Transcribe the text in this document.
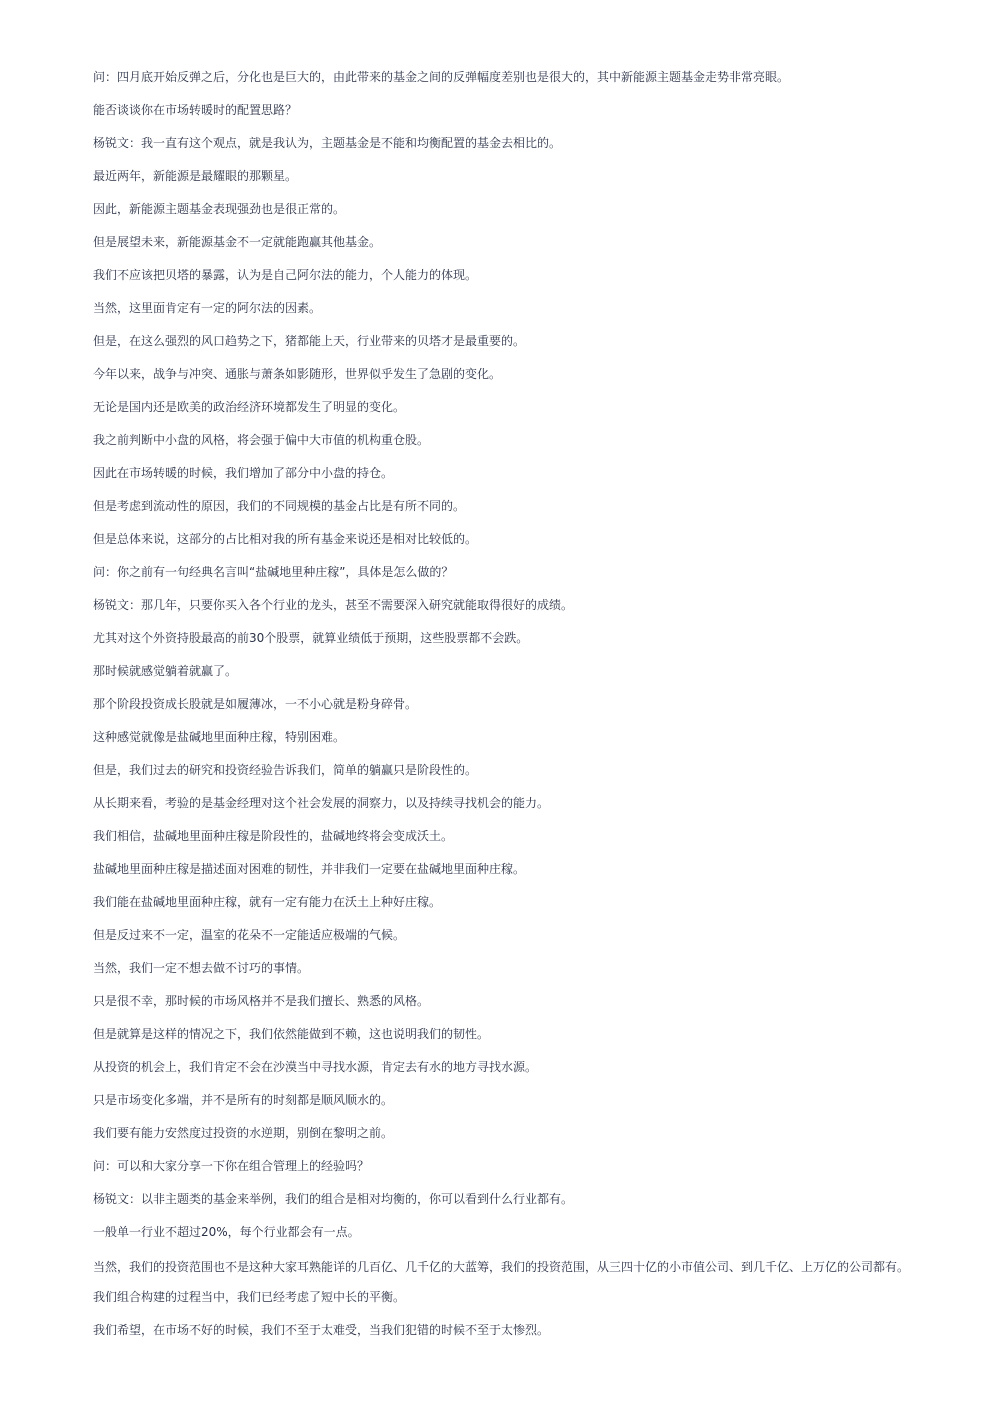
问：四月底开始反弹之后，分化也是巨大的，由此带来的基金之间的反弹幅度差别也是很大的，其中新能源主题基金走势非常亮眼。

能否谈谈你在市场转暖时的配置思路？

杨锐文：我一直有这个观点，就是我认为，主题基金是不能和均衡配置的基金去相比的。

最近两年，新能源是最耀眼的那颗星。

因此，新能源主题基金表现强劲也是很正常的。

但是展望未来，新能源基金不一定就能跑赢其他基金。

我们不应该把贝塔的暴露，认为是自己阿尔法的能力，个人能力的体现。

当然，这里面肯定有一定的阿尔法的因素。

但是，在这么强烈的风口趋势之下，猪都能上天，行业带来的贝塔才是最重要的。

今年以来，战争与冲突、通胀与萧条如影随形，世界似乎发生了急剧的变化。

无论是国内还是欧美的政治经济环境都发生了明显的变化。

我之前判断中小盘的风格，将会强于偏中大市值的机构重仓股。

因此在市场转暖的时候，我们增加了部分中小盘的持仓。

但是考虑到流动性的原因，我们的不同规模的基金占比是有所不同的。

但是总体来说，这部分的占比相对我的所有基金来说还是相对比较低的。

问：你之前有一句经典名言叫“盐碱地里种庄稼”，具体是怎么做的？

杨锐文：那几年，只要你买入各个行业的龙头，甚至不需要深入研究就能取得很好的成绩。

尤其对这个外资持股最高的前30个股票，就算业绩低于预期，这些股票都不会跌。

那时候就感觉躺着就赢了。

那个阶段投资成长股就是如履薄冰，一不小心就是粉身碎骨。

这种感觉就像是盐碱地里面种庄稼，特别困难。

但是，我们过去的研究和投资经验告诉我们，简单的躺赢只是阶段性的。

从长期来看，考验的是基金经理对这个社会发展的洞察力，以及持续寻找机会的能力。

我们相信，盐碱地里面种庄稼是阶段性的，盐碱地终将会变成沃土。

盐碱地里面种庄稼是描述面对困难的韧性，并非我们一定要在盐碱地里面种庄稼。

我们能在盐碱地里面种庄稼，就有一定有能力在沃土上种好庄稼。

但是反过来不一定，温室的花朵不一定能适应极端的气候。

当然，我们一定不想去做不讨巧的事情。

只是很不幸，那时候的市场风格并不是我们擅长、熟悉的风格。

但是就算是这样的情况之下，我们依然能做到不赖，这也说明我们的韧性。

从投资的机会上，我们肯定不会在沙漠当中寻找水源，肯定去有水的地方寻找水源。

只是市场变化多端，并不是所有的时刻都是顺风顺水的。

我们要有能力安然度过投资的水逆期，别倒在黎明之前。

问：可以和大家分享一下你在组合管理上的经验吗？

杨锐文：以非主题类的基金来举例，我们的组合是相对均衡的，你可以看到什么行业都有。

一般单一行业不超过20%，每个行业都会有一点。

当然，我们的投资范围也不是这种大家耳熟能详的几百亿、几千亿的大蓝筹，我们的投资范围，从三四十亿的小市值公司、到几千亿、上万亿的公司都有。

我们组合构建的过程当中，我们已经考虑了短中长的平衡。

我们希望，在市场不好的时候，我们不至于太难受，当我们犯错的时候不至于太惨烈。
